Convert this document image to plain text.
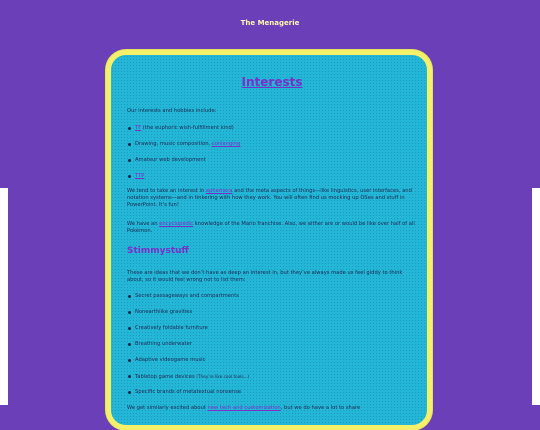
The Menagerie
Interests
Our interests and hobbies include:
TF (the euphoric wish-fulfillment kind)
Drawing, music composition, conlanging
Amateur web development
TTP
We tend to take an interest in ephemera and the meta aspects of things—like linguistics, user interfaces, and notation systems—and in tinkering with how they work. You will often find us mocking up OSes and stuff in PowerPoint. It’s fun!
We have an encyclopedic knowledge of the Mario franchise. Also, we either are or would be like over half of all Pokémon.
Stimmystuff
These are ideas that we don’t have as deep an interest in, but they’ve always made us feel giddy to think about, so it would feel wrong not to list them:
Secret passageways and compartments
Nonearthlike gravities
Creatively foldable furniture
Breathing underwater
Adaptive videogame music
Tabletop game devices (They’re like cool tools...)
Specific brands of metatextual nonsense
We get similarly excited about new tech and customization, but we do have a lot to share
